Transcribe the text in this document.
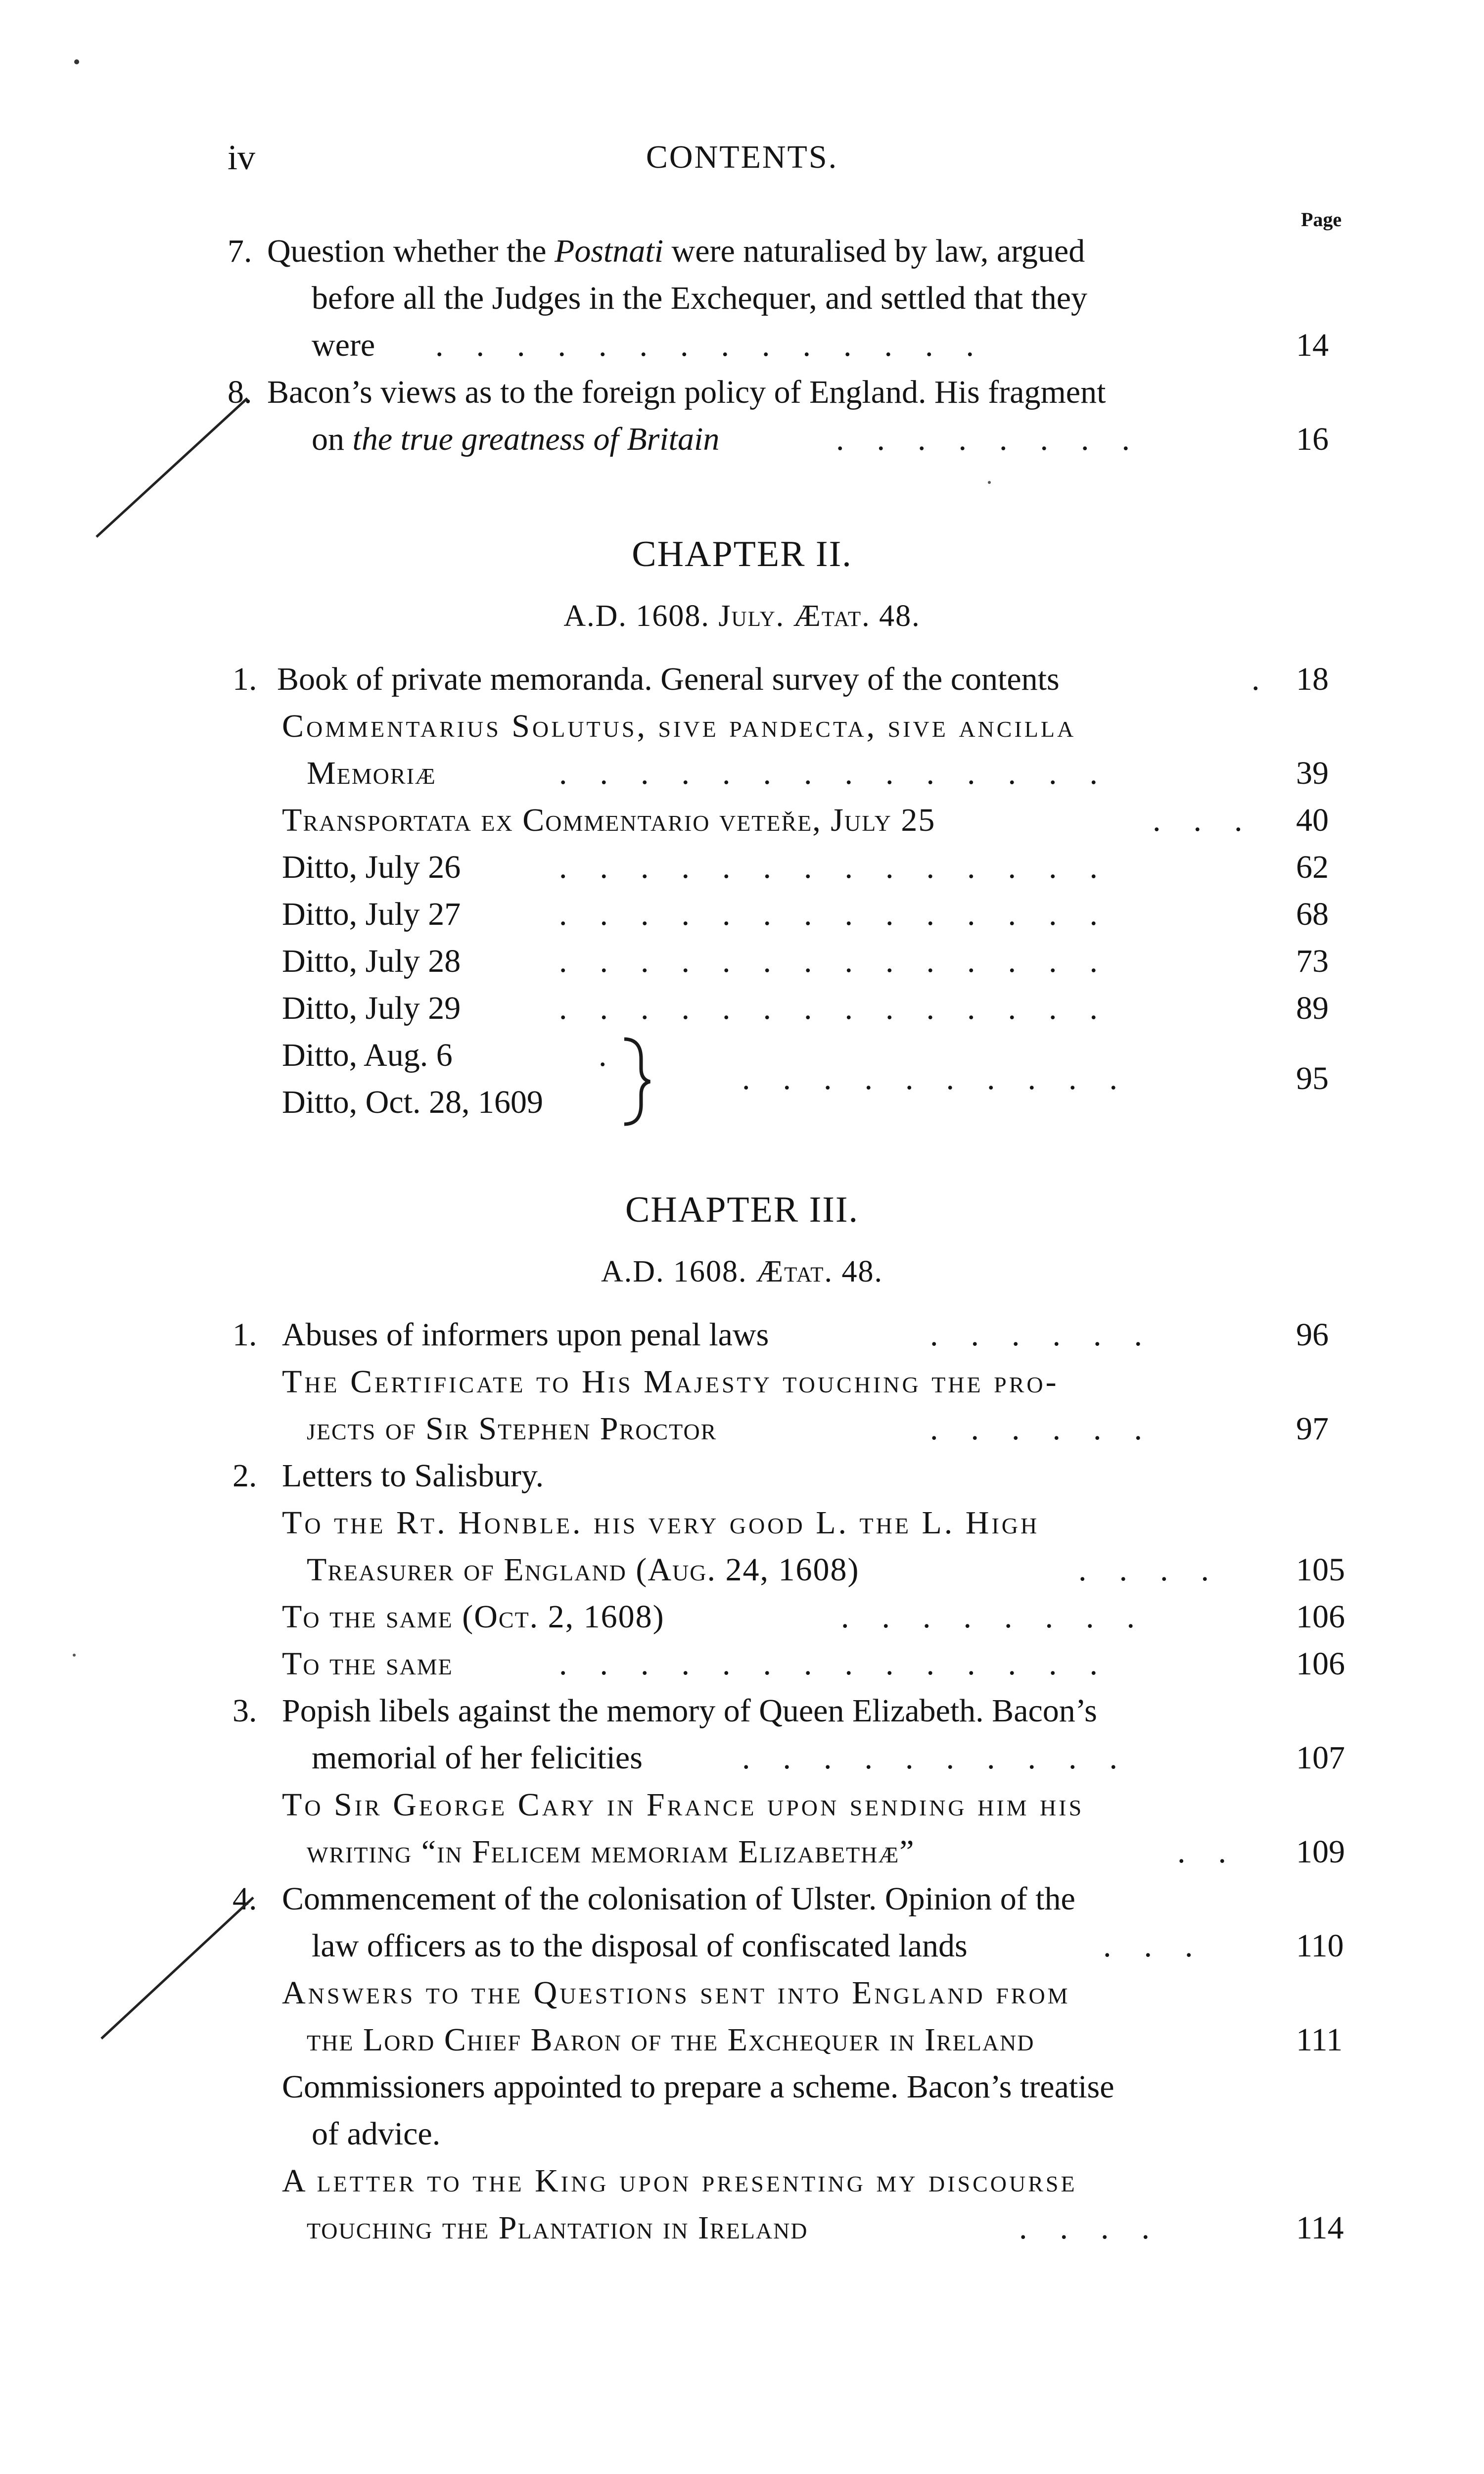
iv	CONTENTS.
Page
7. Question whether the Postnati were naturalised by law, argued
before all the Judges in the Exchequer, and settled that they
were .    .    .    .    .    .    .    .    .    .    .    .    .    .	14
8. Bacon’s views as to the foreign policy of England. His fragment
on the true greatness of Britain	.    .    .    .    .    .    .    .	16
CHAPTER II.
A.D. 1608. July. Ætat. 48.
1. Book of private memoranda. General survey of the contents	. 18
Commentarius Solutus, sive pandecta, sive ancilla
Memoriæ	.    .    .    .    .    .    .    .    .    .    .    .    .    .	39
Transportata ex Commentario veteře, July 25	.    .    . 40
Ditto, July 26	.    .    .    .    .    .    .    .    .    .    .    .    .    .	62
Ditto, July 27	.    .    .    .    .    .    .    .    .    .    .    .    .    .	68
Ditto, July 28	.    .    .    .    .    .    .    .    .    .    .    .    .    .	73
Ditto, July 29	.    .    .    .    .    .    .    .    .    .    .    .    .    .	89
Ditto, Aug. 6	.
Ditto, Oct. 28, 1609
.    .    .    .    .    .    .    .    .    .	95
CHAPTER III.
A.D. 1608. Ætat. 48.
1. Abuses of informers upon penal laws	.    .    .    .    .    .	96
The Certificate to His Majesty touching the pro-
jects of Sir Stephen Proctor	.    .    .    .    .    .	97
2. Letters to Salisbury.
To the Rt. Honble. his very good L. the L. High
Treasurer of England (Aug. 24, 1608)	.    .    .    .	105
To the same (Oct. 2, 1608)	.    .    .    .    .    .    .    .	106
To the same	.    .    .    .    .    .    .    .    .    .    .    .    .    .	106
3. Popish libels against the memory of Queen Elizabeth. Bacon’s
memorial of her felicities	.    .    .    .    .    .    .    .    .    .	107
To Sir George Cary in France upon sending him his
writing “in Felicem memoriam Elizabethæ”	.    . 109
4. Commencement of the colonisation of Ulster. Opinion of the
law officers as to the disposal of confiscated lands	.    .    .	110
Answers to the Questions sent into England from
the Lord Chief Baron of the Exchequer in Ireland	111
Commissioners appointed to prepare a scheme. Bacon’s treatise
of advice.
A letter to the King upon presenting my discourse
touching the Plantation in Ireland	.    .    .    .	114
